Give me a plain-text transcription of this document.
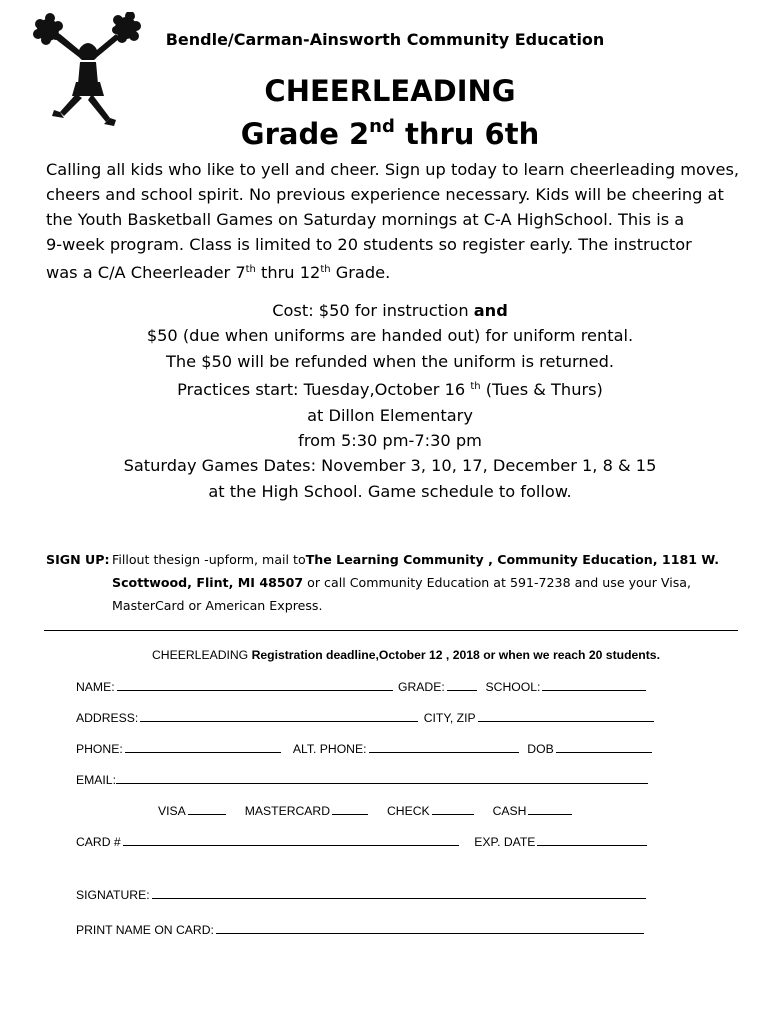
Bendle/Carman-Ainsworth Community Education
CHEERLEADING
Grade 2nd thru 6th
Calling all kids who like to yell and cheer. Sign up today to learn cheerleading moves,
cheers and school spirit. No previous experience necessary. Kids will be cheering at
the Youth Basketball Games on Saturday mornings at C-A HighSchool. This is a
9-week program. Class is limited to 20 students so register early. The instructor
was a C/A Cheerleader 7th thru 12th Grade.
Cost: $50 for instruction and
$50 (due when uniforms are handed out) for uniform rental.
The $50 will be refunded when the uniform is returned.
Practices start: Tuesday,October 16 $^{th}$ (Tues & Thurs)
at Dillon Elementary
from 5:30 pm-7:30 pm
Saturday Games Dates: November 3, 10, 17, December 1, 8 & 15
at the High School. Game schedule to follow.
SIGN UP: Fillout thesign -upform, mail toThe Learning Community , Community Education, 1181 W.
Scottwood, Flint, MI 48507 or call Community Education at 591-7238 and use your Visa,
MasterCard or American Express.
CHEERLEADING Registration deadline,October 12 , 2018 or when we reach 20 students.
NAME:	GRADE:	SCHOOL:
ADDRESS:	CITY, ZIP
PHONE:	ALT. PHONE:	DOB
EMAIL:
VISA	MASTERCARD	CHECK	CASH
CARD #	EXP. DATE
SIGNATURE:
PRINT NAME ON CARD:
